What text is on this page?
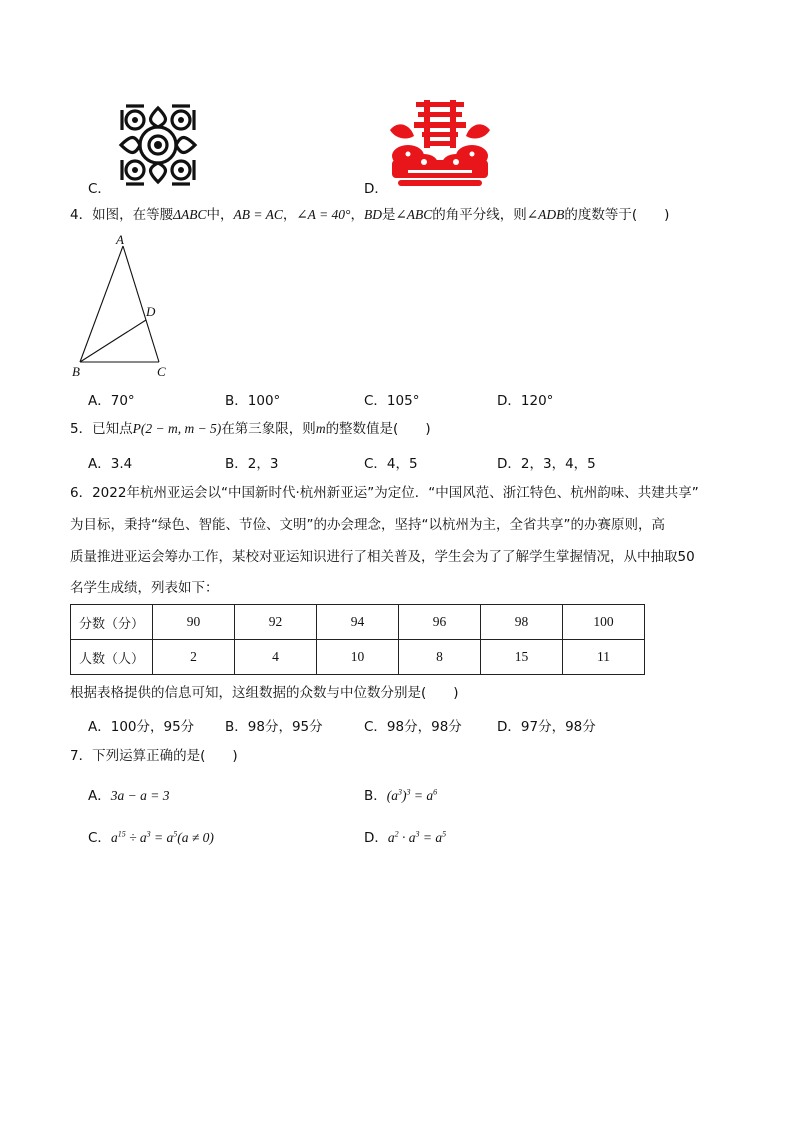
C．	D．
4．如图，在等腰ΔABC中，AB = AC，∠A = 40°，BD是∠ABC的角平分线，则∠ADB的度数等于(　　)
A
B	C
D
A．70°	B．100°	C．105°	D．120°
5．已知点P(2 − m, m − 5)在第三象限，则m的整数值是(　　)
A．3.4	B．2，3	C．4，5	D．2，3，4，5
6．2022年杭州亚运会以“中国新时代·杭州新亚运”为定位．“中国风范、浙江特色、杭州韵味、共建共享”
为目标，秉持“绿色、智能、节俭、文明”的办会理念，坚持“以杭州为主，全省共享”的办赛原则，高
质量推进亚运会筹办工作，某校对亚运知识进行了相关普及，学生会为了了解学生掌握情况，从中抽取50
名学生成绩，列表如下：
分数（分）	90	92	94	96	98	100
人数（人）	2	4	10	8	15	11
根据表格提供的信息可知，这组数据的众数与中位数分别是(　　)
A．100分，95分 B．98分，95分	C．98分，98分	D．97分，98分
7．下列运算正确的是(　　)
A．3a − a = 3	B．$(a^3)^3 = a^6$
C．$a^{15} \div a^3 = a^5(a \ne 0)$	D．$a^2 \cdot a^3 = a^5$
